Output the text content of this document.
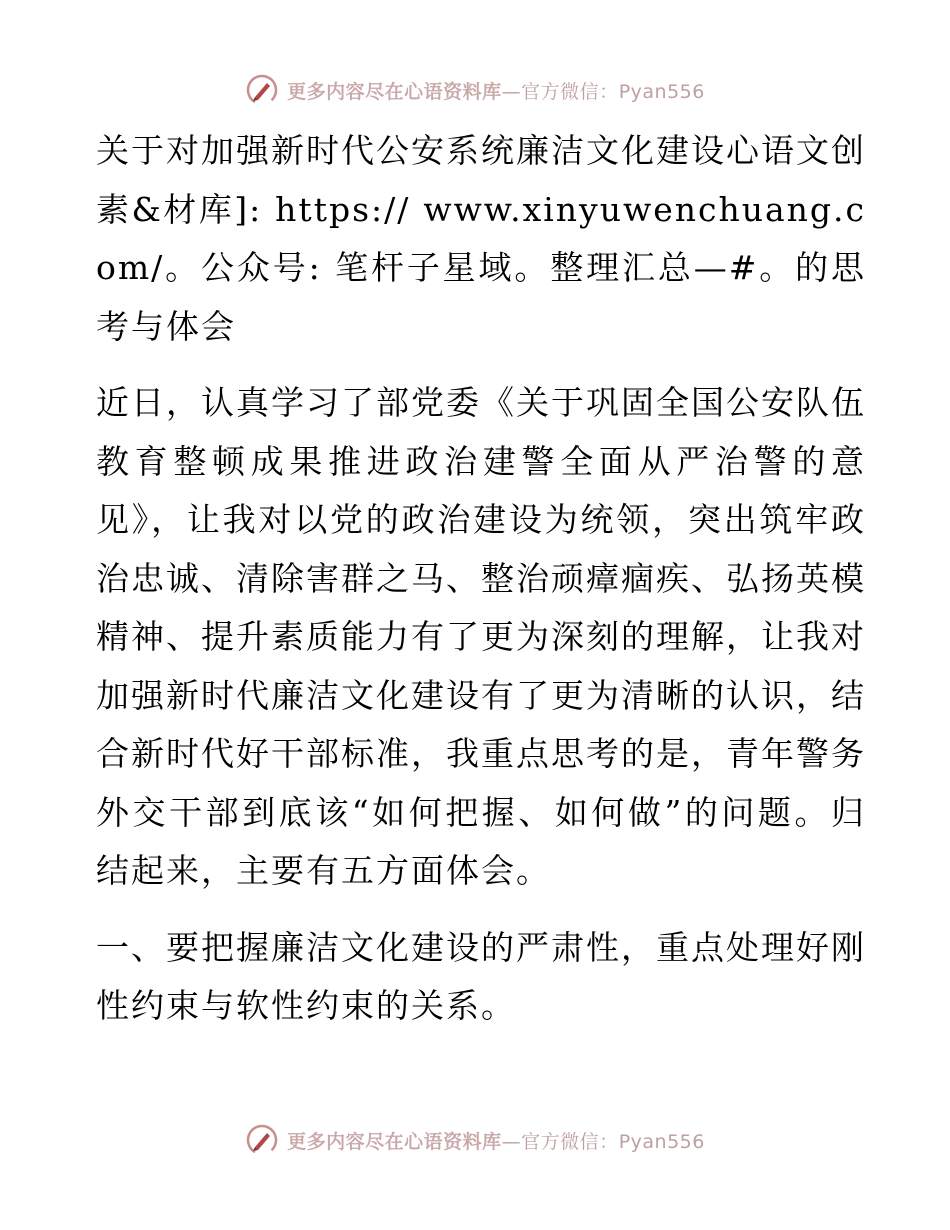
更多内容尽在心语资料库—官方微信：Pyan556

关于对加强新时代公安系统廉洁文化建设心语文创素&材库]: https:// www.xinyuwenchuang.com/。公众号: 笔杆子星域。整理汇总—#。的思考与体会

近日，认真学习了部党委《关于巩固全国公安队伍教育整顿成果推进政治建警全面从严治警的意见》，让我对以党的政治建设为统领，突出筑牢政治忠诚、清除害群之马、整治顽瘴痼疾、弘扬英模精神、提升素质能力有了更为深刻的理解，让我对加强新时代廉洁文化建设有了更为清晰的认识，结合新时代好干部标准，我重点思考的是，青年警务外交干部到底该“如何把握、如何做”的问题。归结起来，主要有五方面体会。

一、要把握廉洁文化建设的严肃性，重点处理好刚性约束与软性约束的关系。

更多内容尽在心语资料库—官方微信：Pyan556
